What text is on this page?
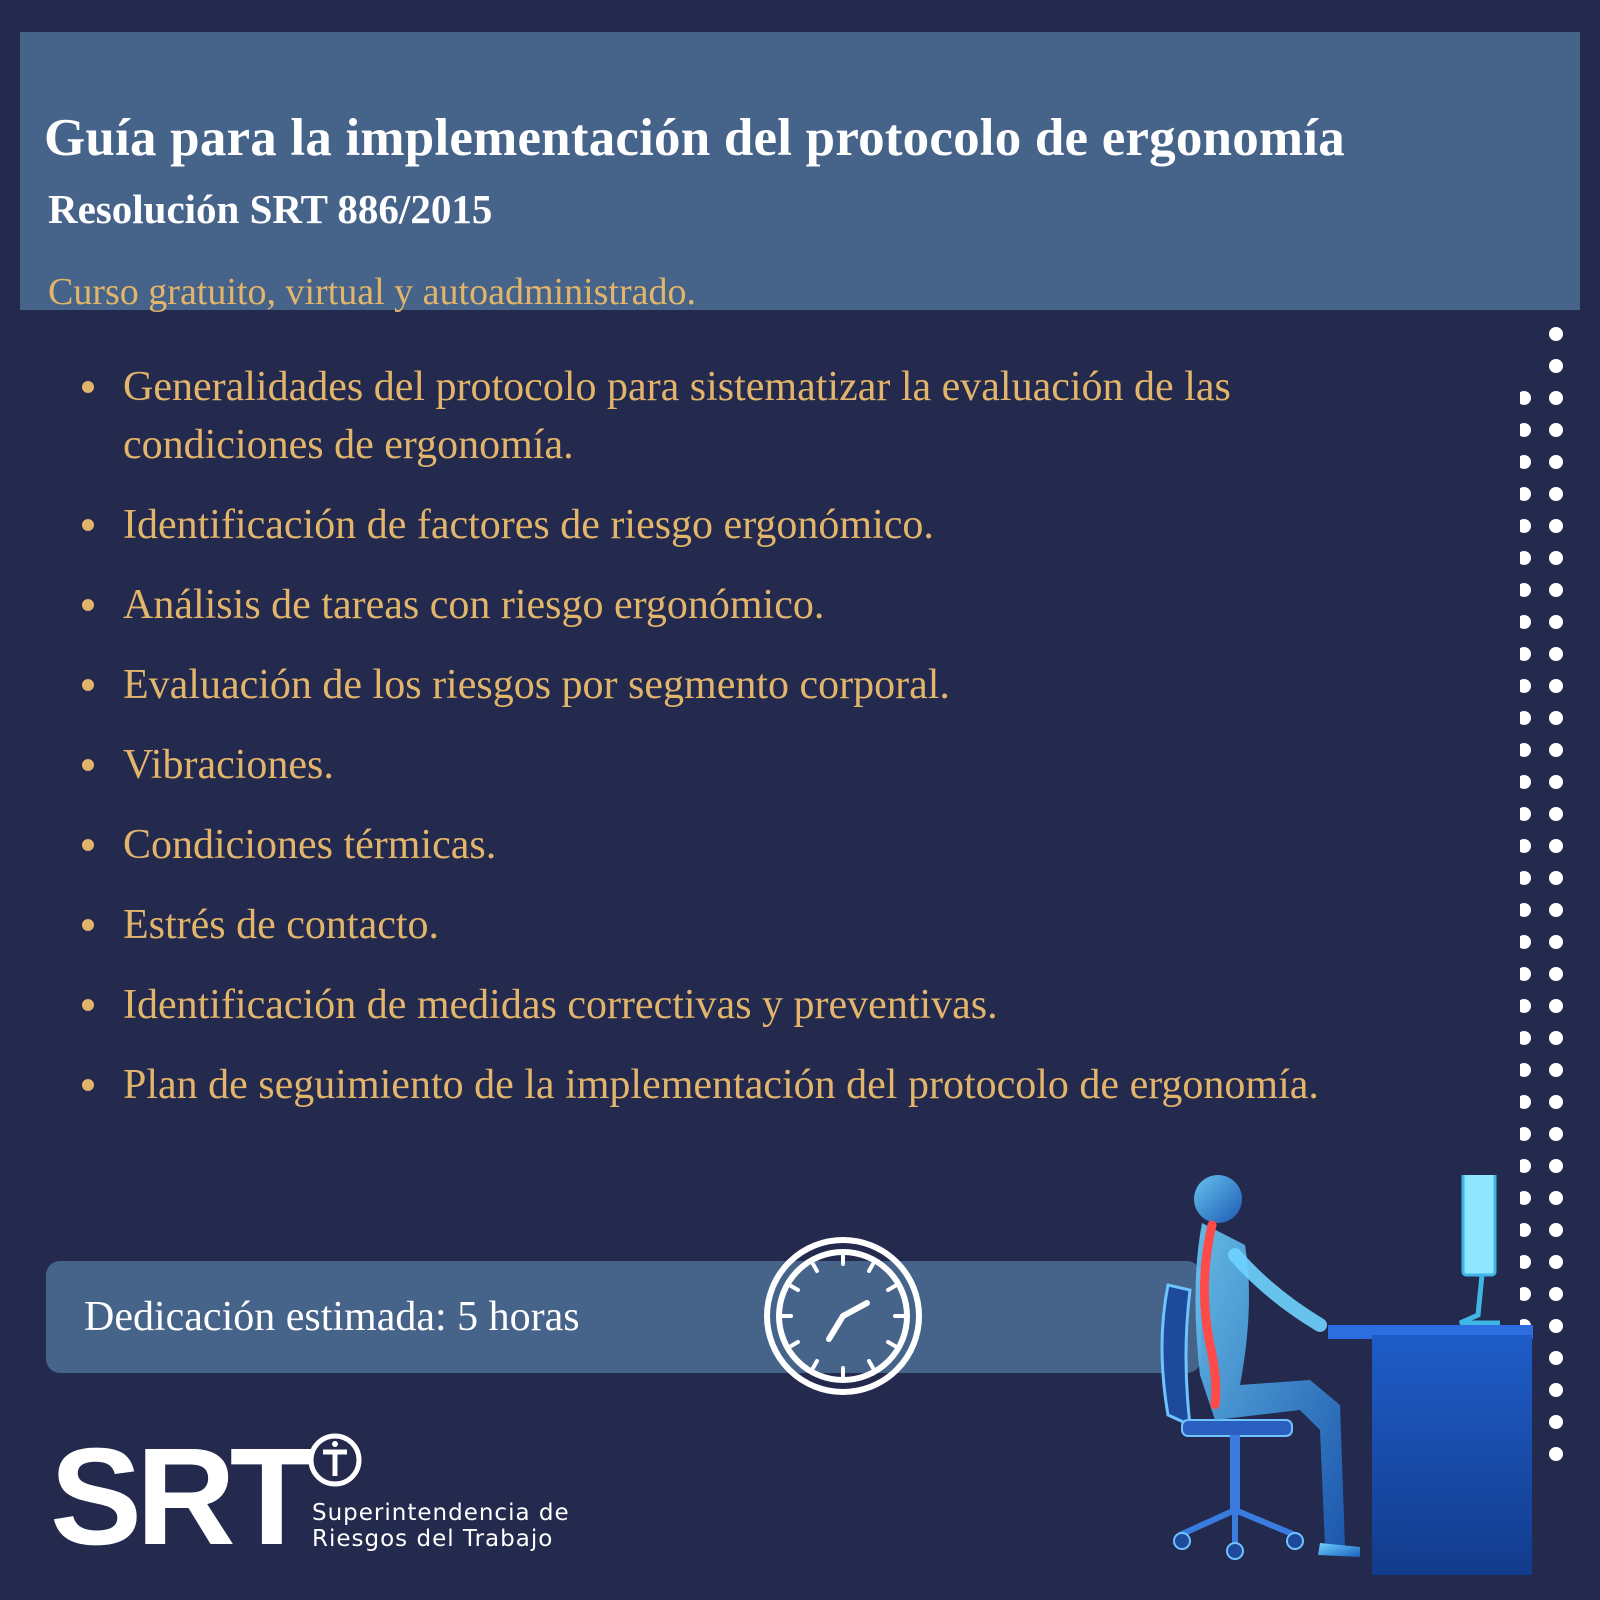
Guía para la implementación del protocolo de ergonomía
Resolución SRT 886/2015

Curso gratuito, virtual y autoadministrado.

Generalidades del protocolo para sistematizar la evaluación de las condiciones de ergonomía.
Identificación de factores de riesgo ergonómico.
Análisis de tareas con riesgo ergonómico.
Evaluación de los riesgos por segmento corporal.
Vibraciones.
Condiciones térmicas.
Estrés de contacto.
Identificación de medidas correctivas y preventivas.
Plan de seguimiento de la implementación del protocolo de ergonomía.
Dedicación estimada: 5 horas
SRT Superintendencia de
Riesgos del Trabajo
